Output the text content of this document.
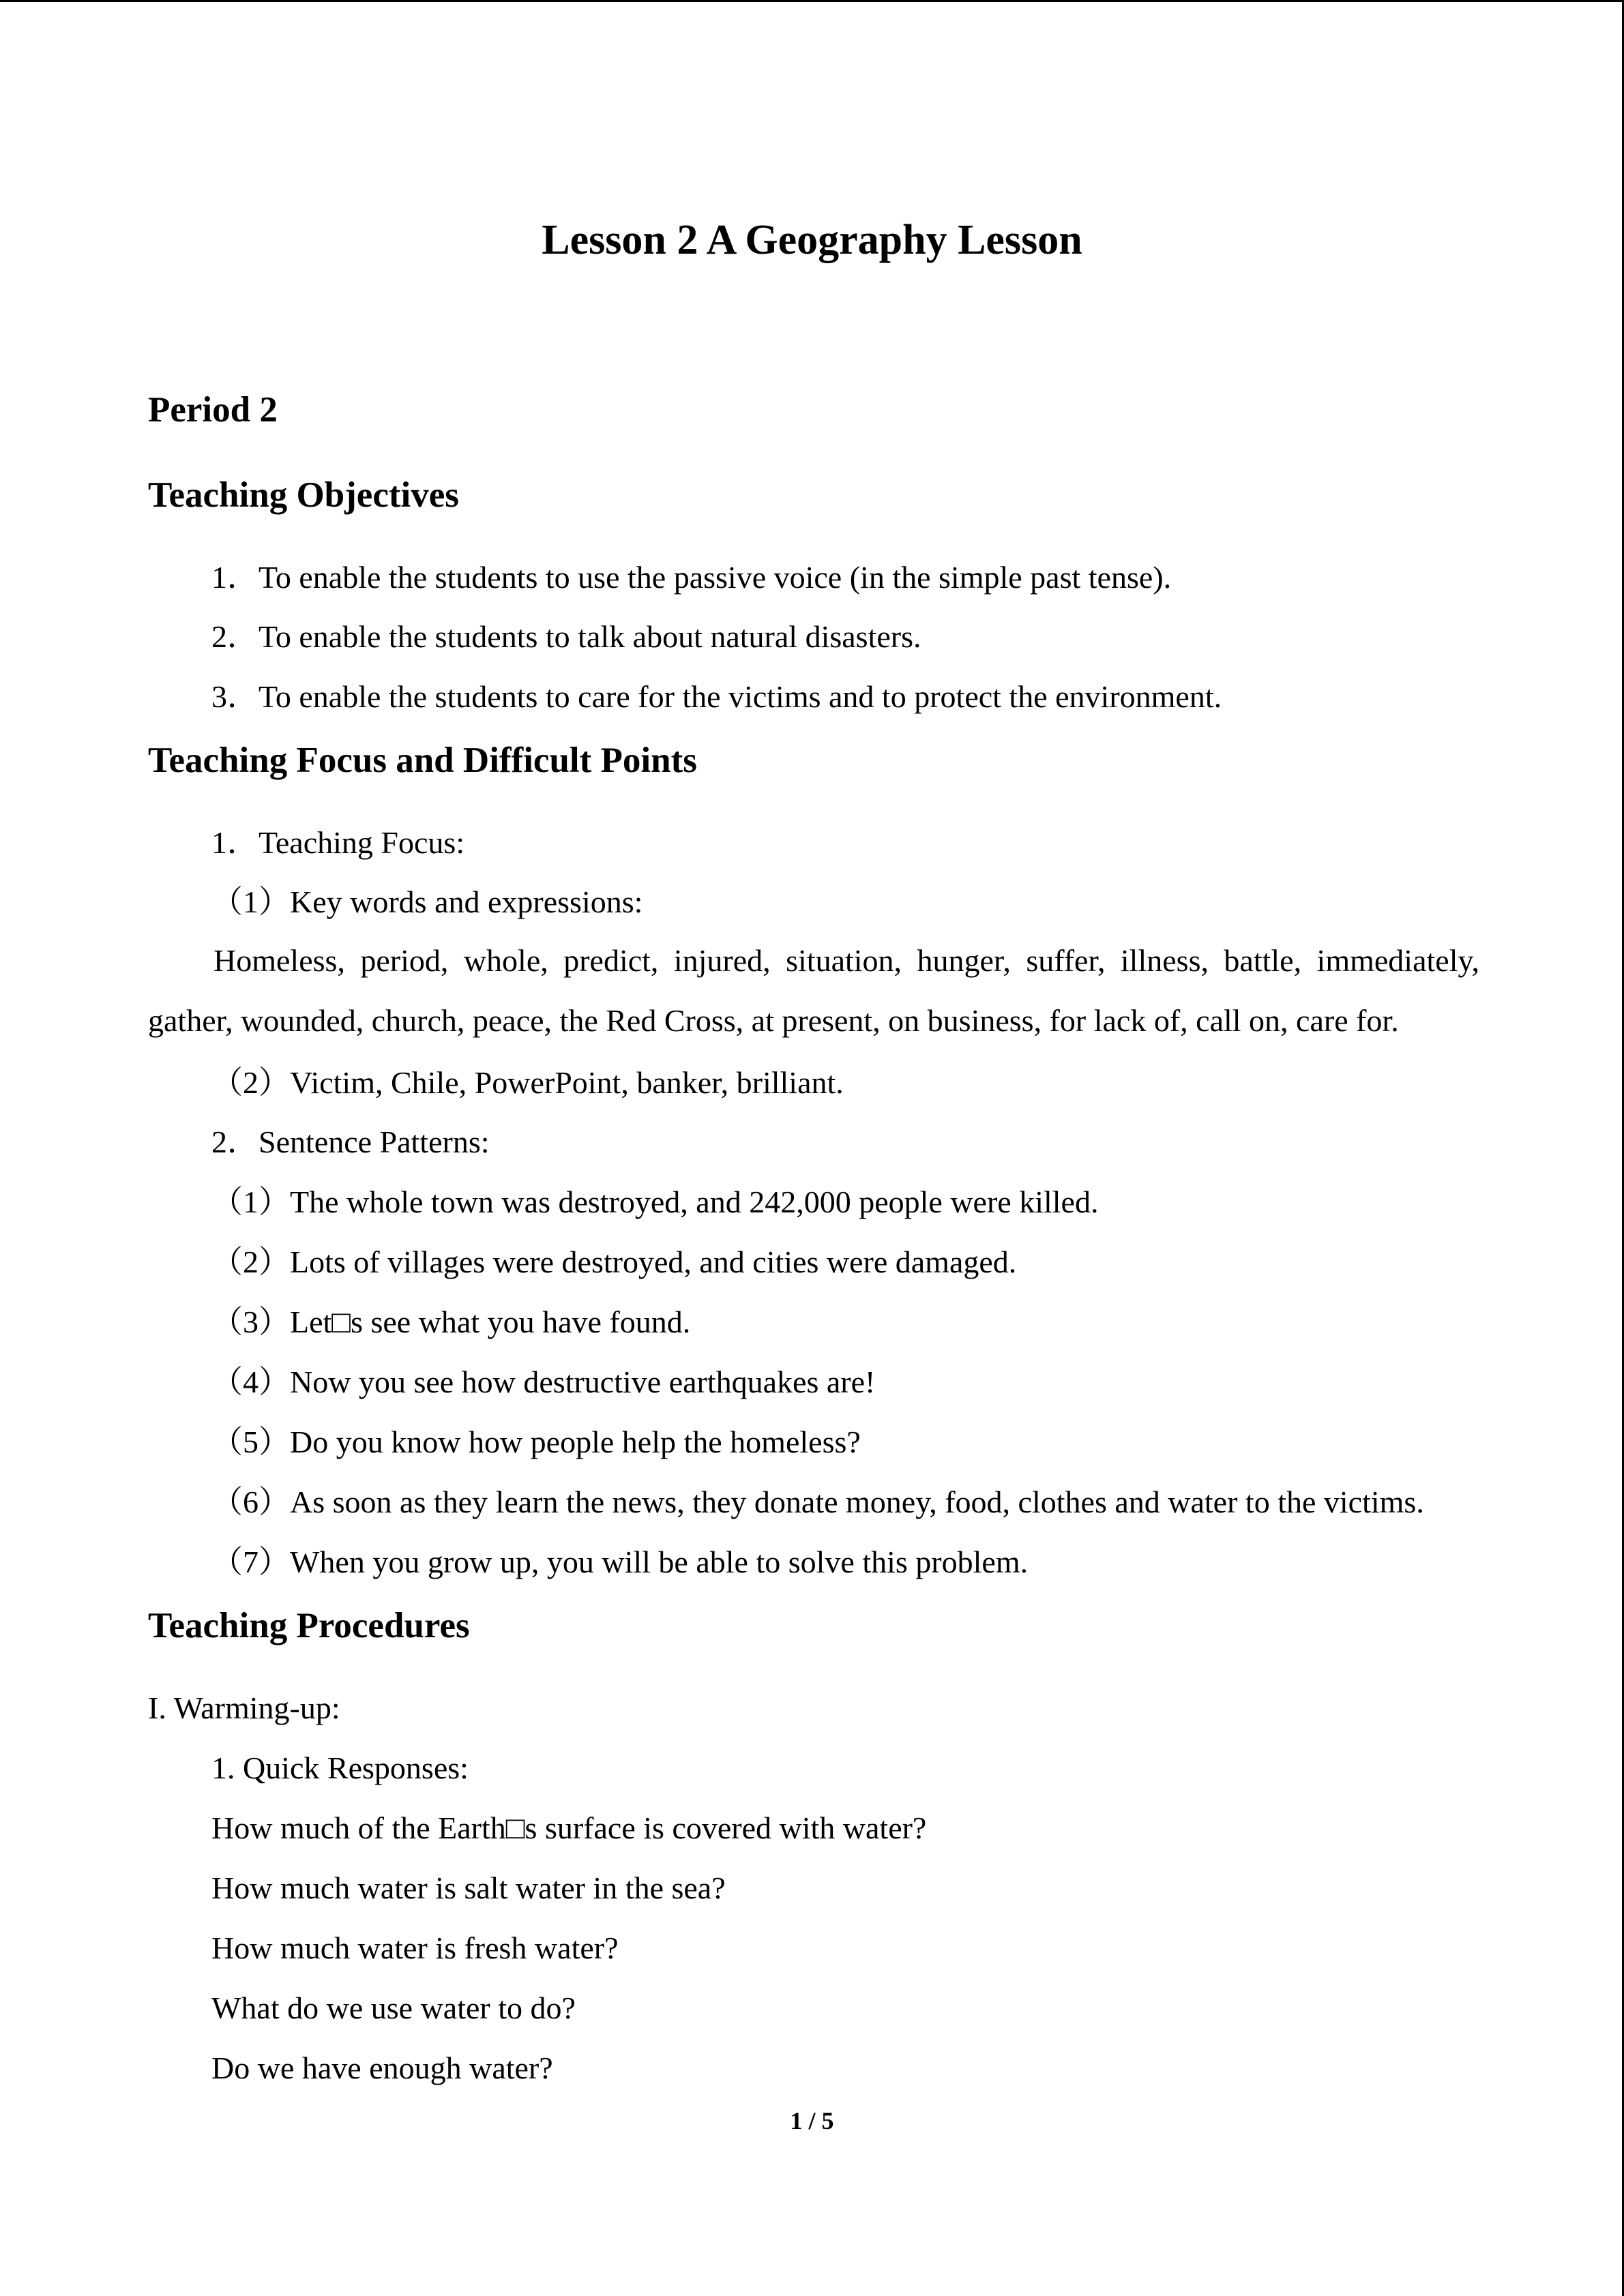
Lesson 2 A Geography Lesson
Period 2
Teaching Objectives
1．To enable the students to use the passive voice (in the simple past tense).
2．To enable the students to talk about natural disasters.
3．To enable the students to care for the victims and to protect the environment.
Teaching Focus and Difficult Points
1．Teaching Focus:
（1）Key words and expressions:
Homeless, period, whole, predict, injured, situation, hunger, suffer, illness, battle, immediately, gather, wounded, church, peace, the Red Cross, at present, on business, for lack of, call on, care for.
（2）Victim, Chile, PowerPoint, banker, brilliant.
2．Sentence Patterns:
（1）The whole town was destroyed, and 242,000 people were killed.
（2）Lots of villages were destroyed, and cities were damaged.
（3）Let□s see what you have found.
（4）Now you see how destructive earthquakes are!
（5）Do you know how people help the homeless?
（6）As soon as they learn the news, they donate money, food, clothes and water to the victims.
（7）When you grow up, you will be able to solve this problem.
Teaching Procedures
I. Warming-up:
1. Quick Responses:
How much of the Earth□s surface is covered with water?
How much water is salt water in the sea?
How much water is fresh water?
What do we use water to do?
Do we have enough water?
1 / 5
